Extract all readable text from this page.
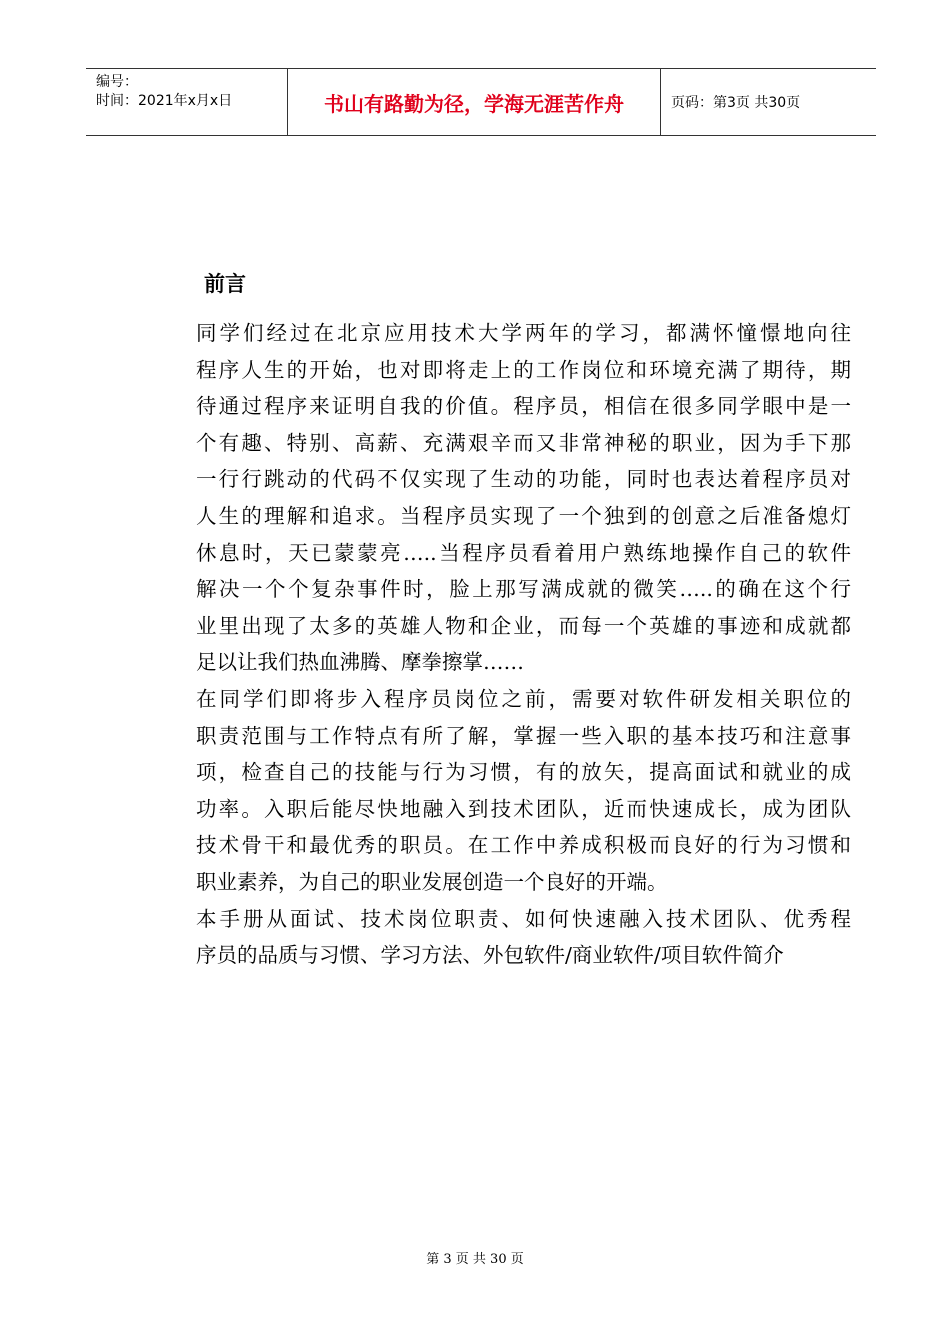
编号：
时间：2021年x月x日	书山有路勤为径，学海无涯苦作舟	页码：第3页 共30页
前言

同学们经过在北京应用技术大学两年的学习，都满怀憧憬地向往
程序人生的开始，也对即将走上的工作岗位和环境充满了期待，期
待通过程序来证明自我的价值。程序员，相信在很多同学眼中是一
个有趣、特别、高薪、充满艰辛而又非常神秘的职业，因为手下那
一行行跳动的代码不仅实现了生动的功能，同时也表达着程序员对
人生的理解和追求。当程序员实现了一个独到的创意之后准备熄灯
休息时，天已蒙蒙亮…..当程序员看着用户熟练地操作自己的软件
解决一个个复杂事件时，脸上那写满成就的微笑…..的确在这个行
业里出现了太多的英雄人物和企业，而每一个英雄的事迹和成就都
足以让我们热血沸腾、摩拳擦掌……

在同学们即将步入程序员岗位之前，需要对软件研发相关职位的
职责范围与工作特点有所了解，掌握一些入职的基本技巧和注意事
项，检查自己的技能与行为习惯，有的放矢，提高面试和就业的成
功率。入职后能尽快地融入到技术团队，近而快速成长，成为团队
技术骨干和最优秀的职员。在工作中养成积极而良好的行为习惯和
职业素养，为自己的职业发展创造一个良好的开端。

本手册从面试、技术岗位职责、如何快速融入技术团队、优秀程
序员的品质与习惯、学习方法、外包软件/商业软件/项目软件简介

第 3 页 共 30 页
